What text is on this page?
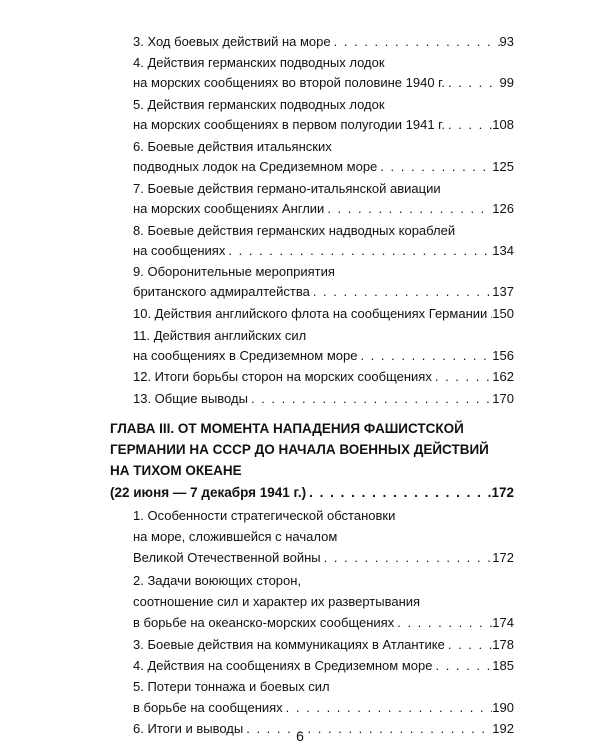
3. Ход боевых действий на море . . .	93
4. Действия германских подводных лодок
на морских сообщениях во второй половине 1940 г. . . .	99
5. Действия германских подводных лодок
на морских сообщениях в первом полугодии 1941 г. . . .	108
6. Боевые действия итальянских
подводных лодок на Средиземном море . . .	125
7. Боевые действия германо-итальянской авиации
на морских сообщениях Англии . . .	126
8. Боевые действия германских надводных кораблей
на сообщениях . . .	134
9. Оборонительные мероприятия
британского адмиралтейства . . .	137
10. Действия английского флота на сообщениях Германии . . . 150
11. Действия английских сил
на сообщениях в Средиземном море . . .	156
12. Итоги борьбы сторон на морских сообщениях . . .	162
13. Общие выводы . . .	170
ГЛАВА III. ОТ МОМЕНТА НАПАДЕНИЯ ФАШИСТСКОЙ
ГЕРМАНИИ НА СССР ДО НАЧАЛА ВОЕННЫХ ДЕЙСТВИЙ
НА ТИХОМ ОКЕАНЕ
(22 июня — 7 декабря 1941 г.) . . .	172
1. Особенности стратегической обстановки
на море, сложившейся с началом
Великой Отечественной войны . . .	172
2. Задачи воюющих сторон,
соотношение сил и характер их развертывания
в борьбе на океанско-морских сообщениях . . .	174
3. Боевые действия на коммуникациях в Атлантике . . .	178
4. Действия на сообщениях в Средиземном море . . .	185
5. Потери тоннажа и боевых сил
в борьбе на сообщениях . . .	190
6. Итоги и выводы . . .	192
6
